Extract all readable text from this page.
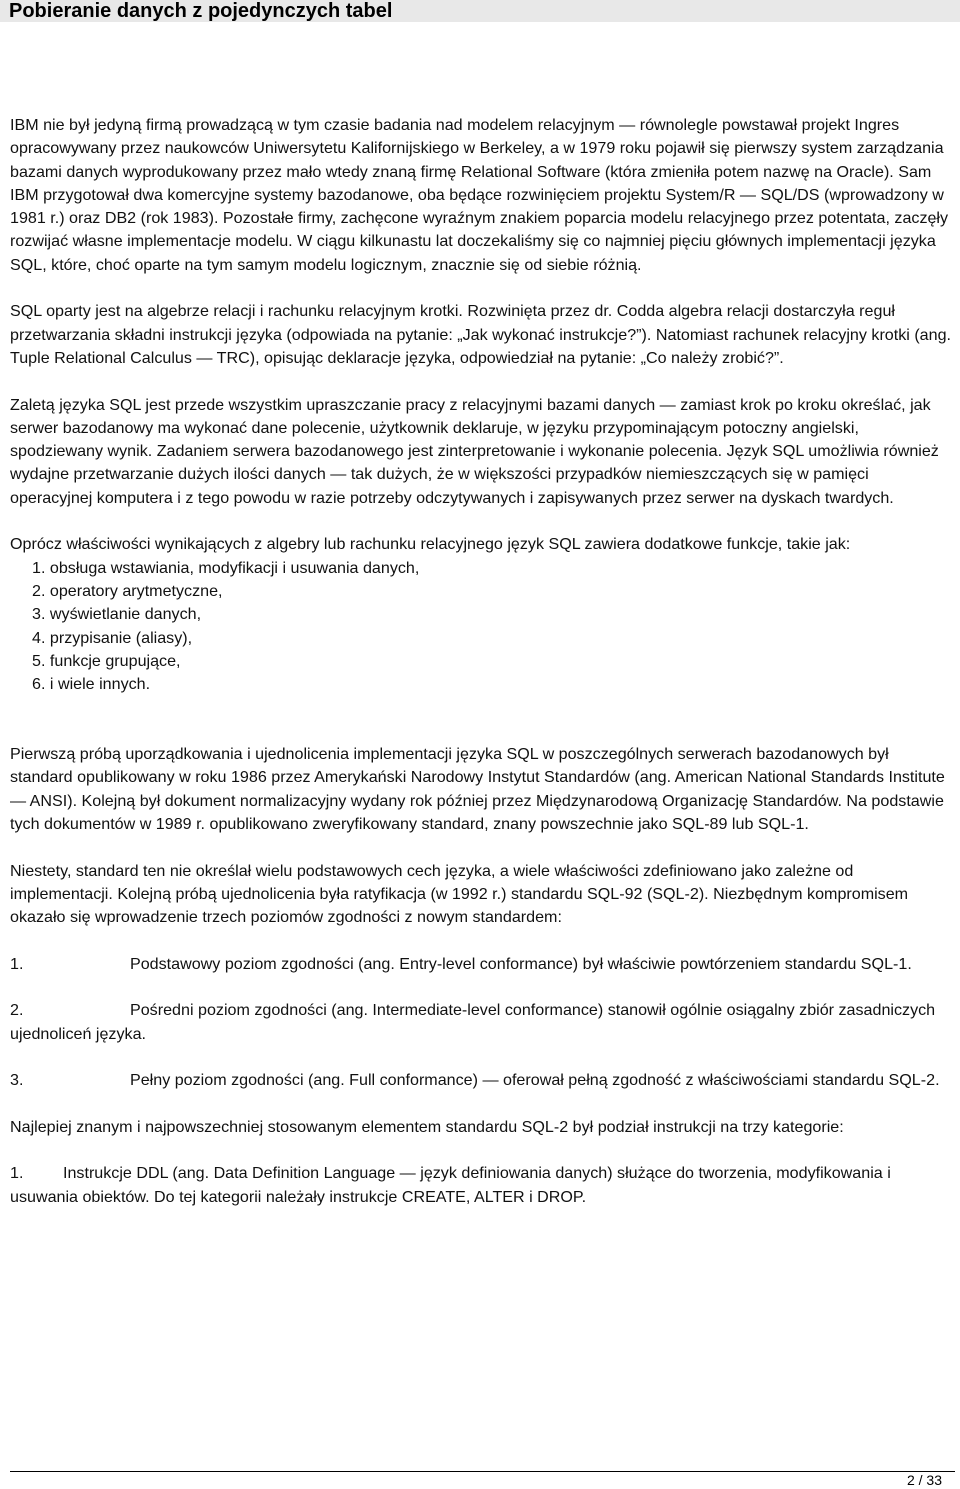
Pobieranie danych z pojedynczych tabel

IBM nie był jedyną firmą prowadzącą w tym czasie badania nad modelem relacyjnym — równolegle powstawał projekt Ingres opracowywany przez naukowców Uniwersytetu Kalifornijskiego w Berkeley, a w 1979 roku pojawił się pierwszy system zarządzania bazami danych wyprodukowany przez mało wtedy znaną firmę Relational Software (która zmieniła potem nazwę na Oracle). Sam IBM przygotował dwa komercyjne systemy bazodanowe, oba będące rozwinięciem projektu System/R — SQL/DS (wprowadzony w 1981 r.) oraz DB2 (rok 1983). Pozostałe firmy, zachęcone wyraźnym znakiem poparcia modelu relacyjnego przez potentata, zaczęły rozwijać własne implementacje modelu. W ciągu kilkunastu lat doczekaliśmy się co najmniej pięciu głównych implementacji języka SQL, które, choć oparte na tym samym modelu logicznym, znacznie się od siebie różnią.

SQL oparty jest na algebrze relacji i rachunku relacyjnym krotki. Rozwinięta przez dr. Codda algebra relacji dostarczyła reguł przetwarzania składni instrukcji języka (odpowiada na pytanie: „Jak wykonać instrukcje?”). Natomiast rachunek relacyjny krotki (ang. Tuple Relational Calculus — TRC), opisując deklaracje języka, odpowiedział na pytanie: „Co należy zrobić?”.

Zaletą języka SQL jest przede wszystkim upraszczanie pracy z relacyjnymi bazami danych — zamiast krok po kroku określać, jak serwer bazodanowy ma wykonać dane polecenie, użytkownik deklaruje, w języku przypominającym potoczny angielski, spodziewany wynik. Zadaniem serwera bazodanowego jest zinterpretowanie i wykonanie polecenia. Język SQL umożliwia również wydajne przetwarzanie dużych ilości danych — tak dużych, że w większości przypadków niemieszczących się w pamięci operacyjnej komputera i z tego powodu w razie potrzeby odczytywanych i zapisywanych przez serwer na dyskach twardych.

Oprócz właściwości wynikających z algebry lub rachunku relacyjnego język SQL zawiera dodatkowe funkcje, takie jak:

1. obsługa wstawiania, modyfikacji i usuwania danych,
2. operatory arytmetyczne,
3. wyświetlanie danych,
4. przypisanie (aliasy),
5. funkcje grupujące,
6. i wiele innych.

Pierwszą próbą uporządkowania i ujednolicenia implementacji języka SQL w poszczególnych serwerach bazodanowych był standard opublikowany w roku 1986 przez Amerykański Narodowy Instytut Standardów (ang. American National Standards Institute — ANSI). Kolejną był dokument normalizacyjny wydany rok później przez Międzynarodową Organizację Standardów. Na podstawie tych dokumentów w 1989 r. opublikowano zweryfikowany standard, znany powszechnie jako SQL-89 lub SQL-1.

Niestety, standard ten nie określał wielu podstawowych cech języka, a wiele właściwości zdefiniowano jako zależne od implementacji. Kolejną próbą ujednolicenia była ratyfikacja (w 1992 r.) standardu SQL-92 (SQL-2). Niezbędnym kompromisem okazało się wprowadzenie trzech poziomów zgodności z nowym standardem:

1.	Podstawowy poziom zgodności (ang. Entry-level conformance) był właściwie powtórzeniem standardu SQL-1.

2.	Pośredni poziom zgodności (ang. Intermediate-level conformance) stanowił ogólnie osiągalny zbiór zasadniczych ujednoliceń języka.

3.	Pełny poziom zgodności (ang. Full conformance) — oferował pełną zgodność z właściwościami standardu SQL-2.

Najlepiej znanym i najpowszechniej stosowanym elementem standardu SQL-2 był podział instrukcji na trzy kategorie:

1. Instrukcje DDL (ang. Data Definition Language — język definiowania danych) służące do tworzenia, modyfikowania i usuwania obiektów. Do tej kategorii należały instrukcje CREATE, ALTER i DROP.

2 / 33
